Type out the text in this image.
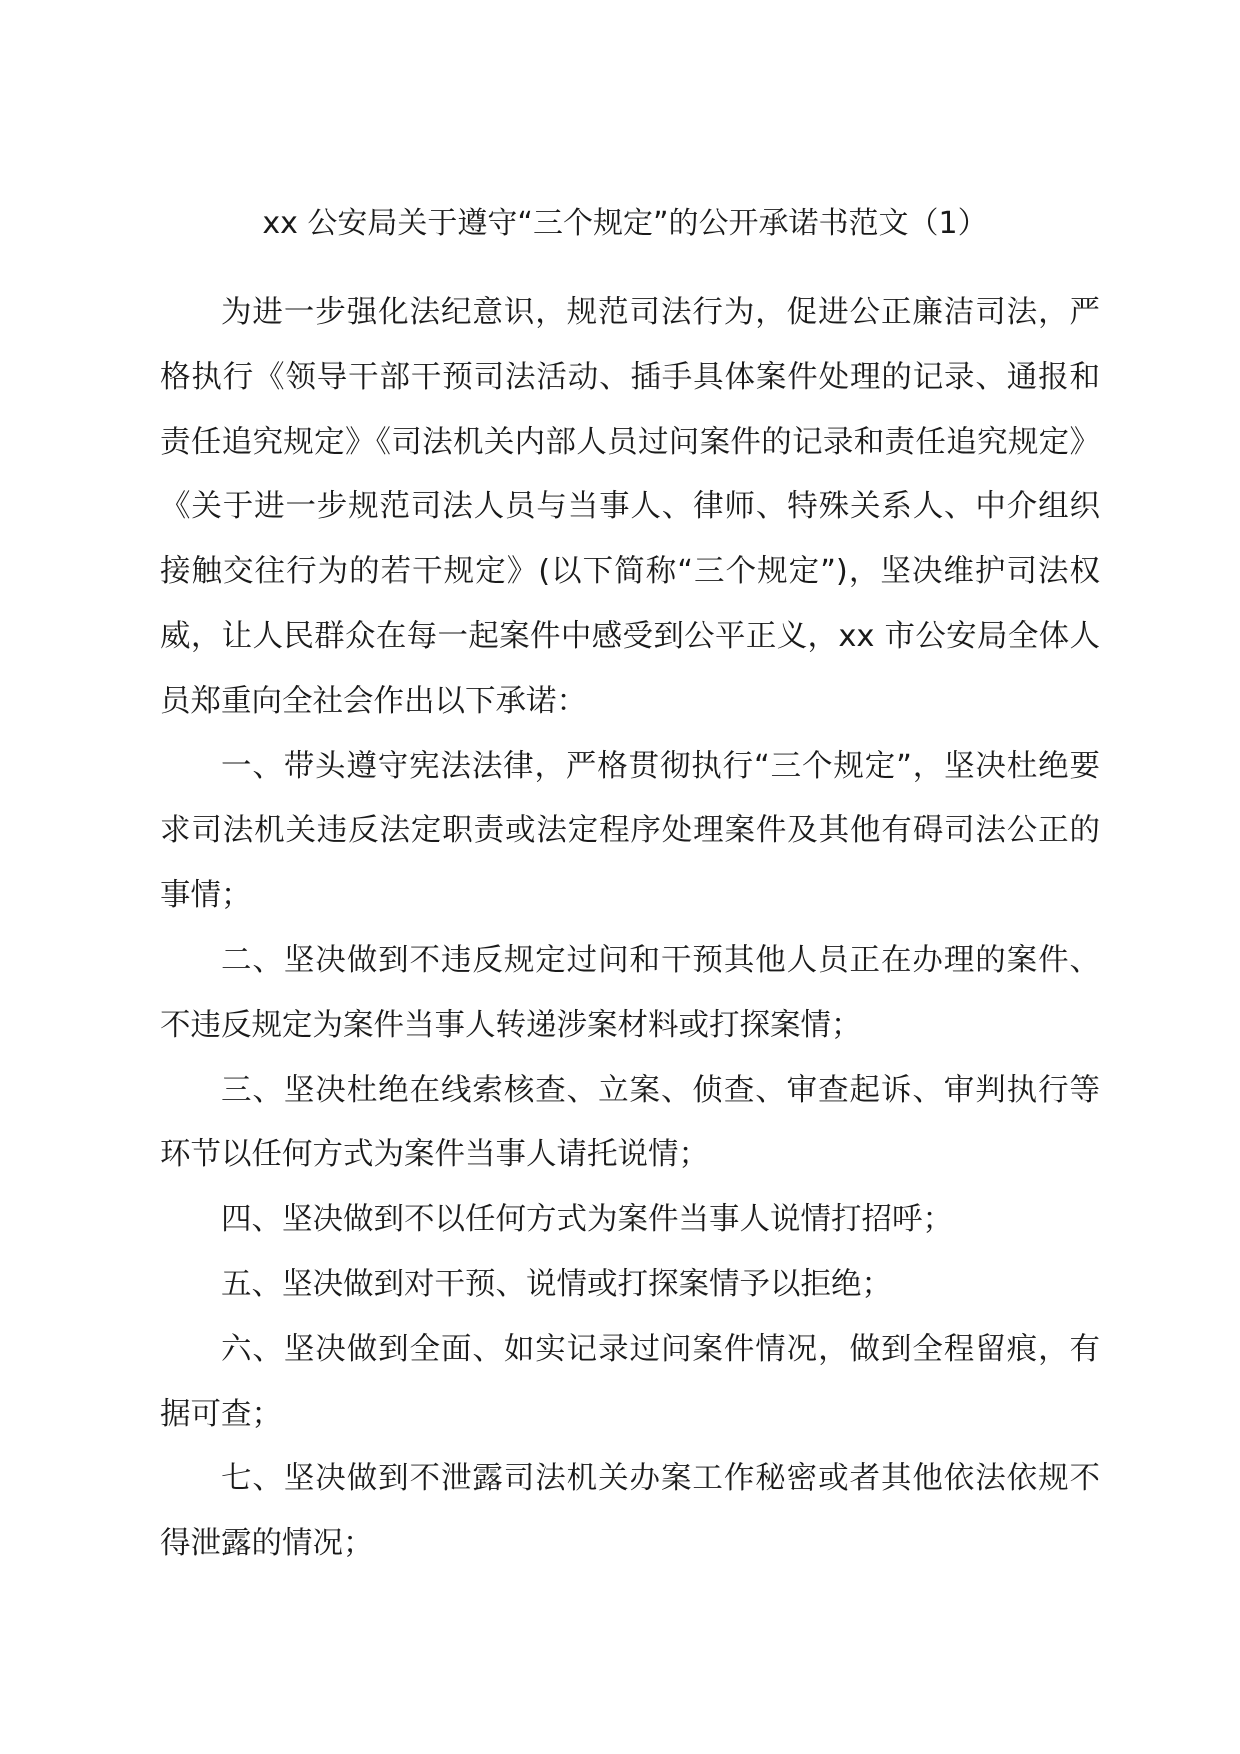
xx 公安局关于遵守“三个规定”的公开承诺书范文（1）

为进一步强化法纪意识，规范司法行为，促进公正廉洁司法，严格执行《领导干部干预司法活动、插手具体案件处理的记录、通报和责任追究规定》《司法机关内部人员过问案件的记录和责任追究规定》《关于进一步规范司法人员与当事人、律师、特殊关系人、中介组织接触交往行为的若干规定》(以下简称“三个规定”)，坚决维护司法权威，让人民群众在每一起案件中感受到公平正义，xx 市公安局全体人员郑重向全社会作出以下承诺：

一、带头遵守宪法法律，严格贯彻执行“三个规定”，坚决杜绝要求司法机关违反法定职责或法定程序处理案件及其他有碍司法公正的事情；

二、坚决做到不违反规定过问和干预其他人员正在办理的案件、不违反规定为案件当事人转递涉案材料或打探案情；

三、坚决杜绝在线索核查、立案、侦查、审查起诉、审判执行等环节以任何方式为案件当事人请托说情；

四、坚决做到不以任何方式为案件当事人说情打招呼；

五、坚决做到对干预、说情或打探案情予以拒绝；

六、坚决做到全面、如实记录过问案件情况，做到全程留痕，有据可查；

七、坚决做到不泄露司法机关办案工作秘密或者其他依法依规不得泄露的情况；
